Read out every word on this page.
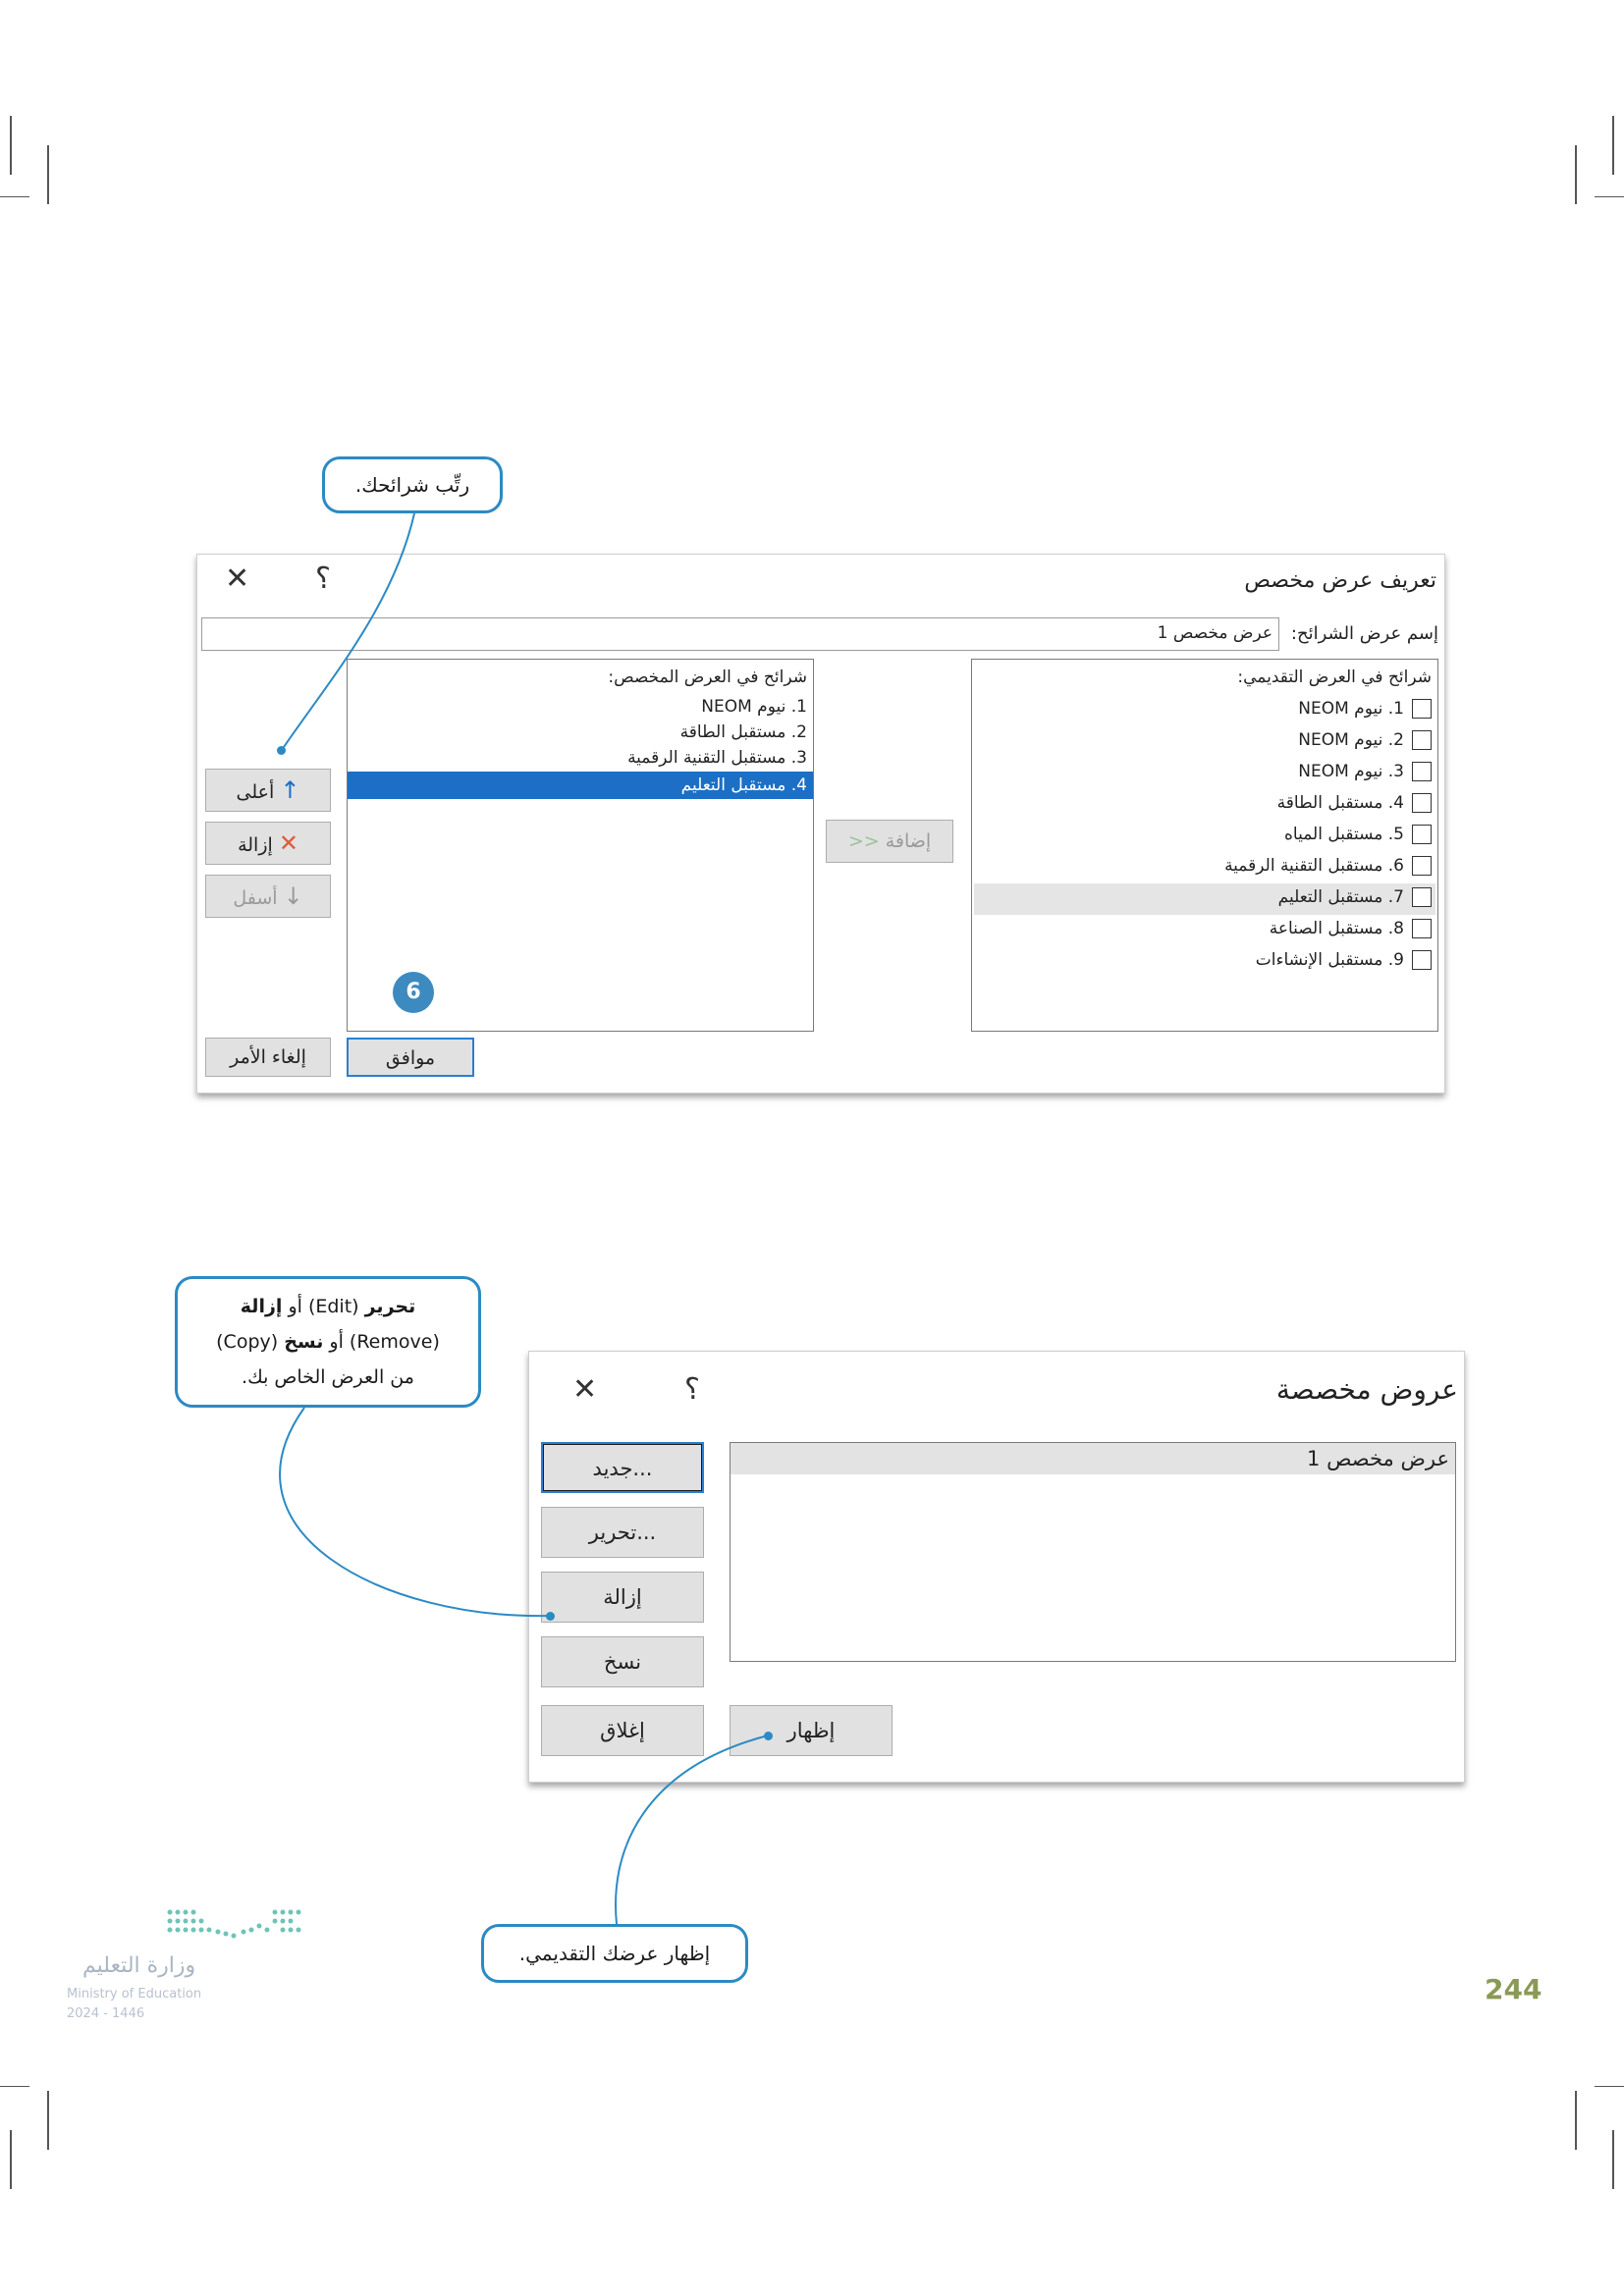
تعريف عرض مخصص
؟
✕
إسم عرض الشرائح:
عرض مخصص 1
شرائح في العرض التقديمي:
1. نيوم NEOM
2. نيوم NEOM
3. نيوم NEOM
4. مستقبل الطاقة
5. مستقبل المياه
6. مستقبل التقنية الرقمية
7. مستقبل التعليم
8. مستقبل الصناعة
9. مستقبل الإنشاءات
إضافة <<
شرائح في العرض المخصص:
1. نيوم NEOM
2. مستقبل الطاقة
3. مستقبل التقنية الرقمية
4. مستقبل التعليم
↑ أعلى
✕ إزالة
↓ أسفل
موافق
إلغاء الأمر
6
عروض مخصصة
؟
✕
عرض مخصص 1
جديد...
تحرير...
إزالة
نسخ
إغلاق	إظهار
رتِّب شرائحك.
تحرير (Edit) أو إزالة
(Remove) أو نسخ (Copy)
من العرض الخاص بك.
إظهار عرضك التقديمي.
وزارة التعليم
Ministry of Education
2024 - 1446
244
